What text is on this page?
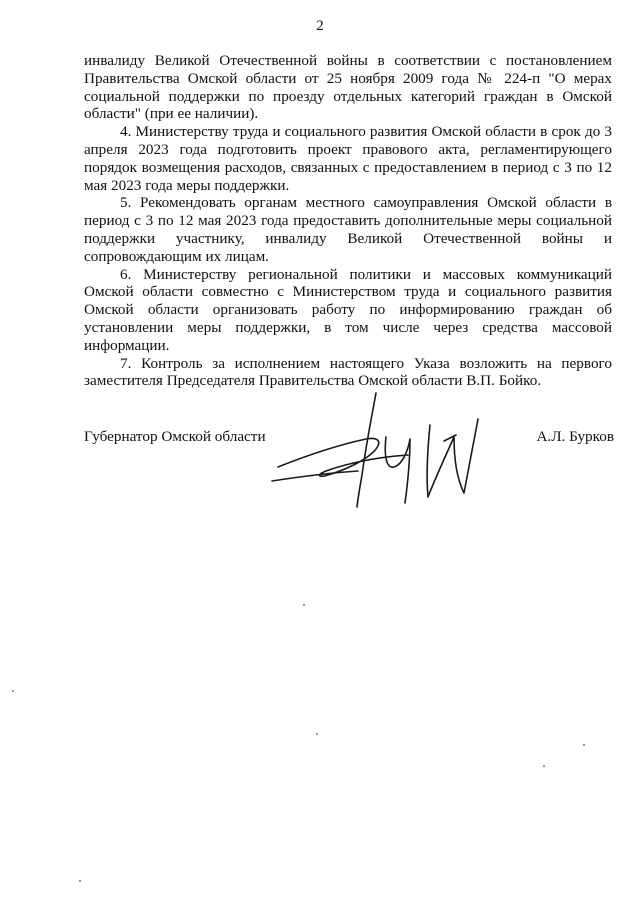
2

инвалиду Великой Отечественной войны в соответствии с постановлением Правительства Омской области от 25 ноября 2009 года № 224-п "О мерах социальной поддержки по проезду отдельных категорий граждан в Омской области" (при ее наличии).

4. Министерству труда и социального развития Омской области в срок до 3 апреля 2023 года подготовить проект правового акта, регламентирующего порядок возмещения расходов, связанных с предоставлением в период с 3 по 12 мая 2023 года меры поддержки.

5. Рекомендовать органам местного самоуправления Омской области в период с 3 по 12 мая 2023 года предоставить дополнительные меры социальной поддержки участнику, инвалиду Великой Отечественной войны и сопровождающим их лицам.

6. Министерству региональной политики и массовых коммуникаций Омской области совместно с Министерством труда и социального развития Омской области организовать работу по информированию граждан об установлении меры поддержки, в том числе через средства массовой информации.

7. Контроль за исполнением настоящего Указа возложить на первого заместителя Председателя Правительства Омской области В.П. Бойко.

Губернатор Омской области	А.Л. Бурков
